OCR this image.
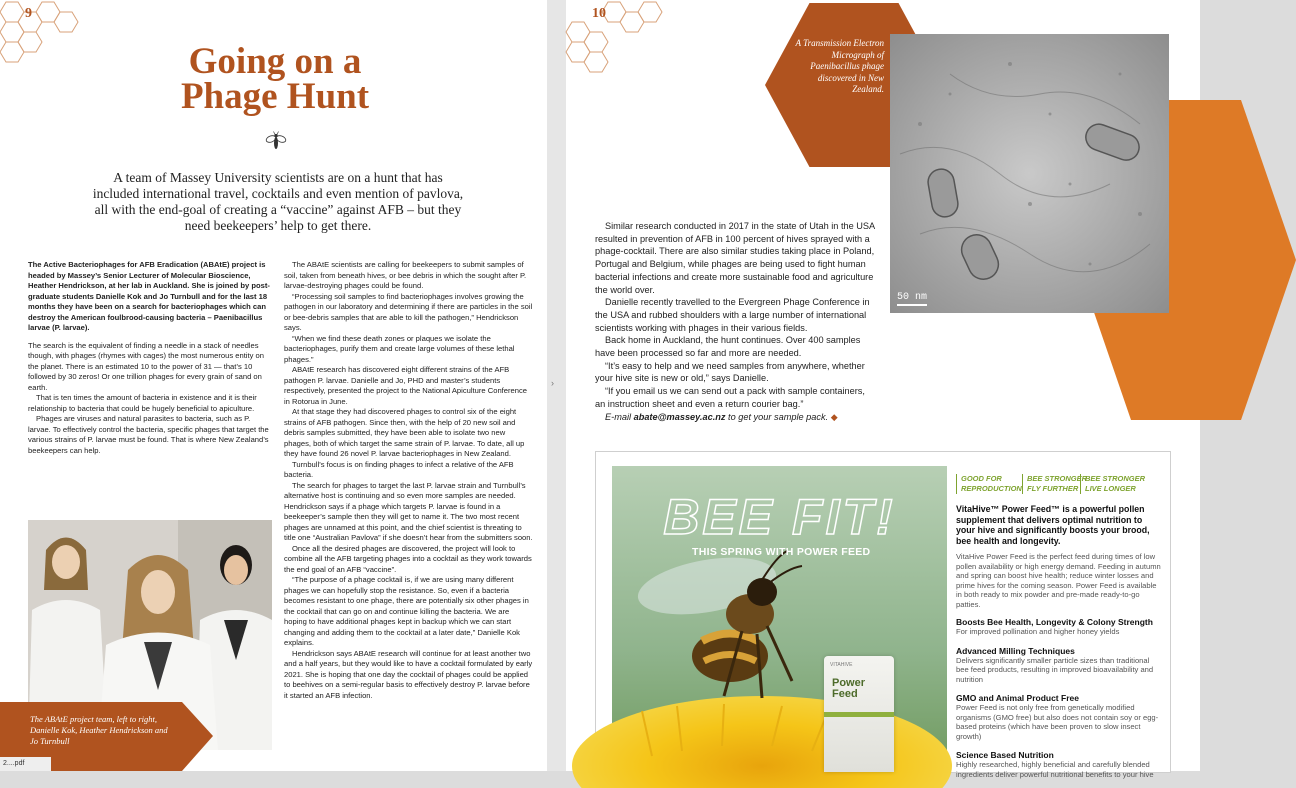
9
Going on a
Phage Hunt

A team of Massey University scientists are on a hunt that has included international travel, cocktails and even mention of pavlova, all with the end-goal of creating a “vaccine” against AFB – but they need beekeepers’ help to get there.

The Active Bacteriophages for AFB Eradication (ABAtE) project is headed by Massey’s Senior Lecturer of Molecular Bioscience, Heather Hendrickson, at her lab in Auckland. She is joined by post-graduate students Danielle Kok and Jo Turnbull and for the last 18 months they have been on a search for bacteriophages which can destroy the American foulbrood-causing bacteria – Paenibacillus larvae (P. larvae).

The search is the equivalent of finding a needle in a stack of needles though, with phages (rhymes with cages) the most numerous entity on the planet. There is an estimated 10 to the power of 31 — that’s 10 followed by 30 zeros! Or one trillion phages for every grain of sand on earth.

That is ten times the amount of bacteria in existence and it is their relationship to bacteria that could be hugely beneficial to apiculture.

Phages are viruses and natural parasites to bacteria, such as P. larvae. To effectively control the bacteria, specific phages that target the various strains of P. larvae must be found. That is where New Zealand’s beekeepers can help.

The ABAtE scientists are calling for beekeepers to submit samples of soil, taken from beneath hives, or bee debris in which the sought after P. larvae-destroying phages could be found.

“Processing soil samples to find bacteriophages involves growing the pathogen in our laboratory and determining if there are particles in the soil or bee-debris samples that are able to kill the pathogen,” Hendrickson says.

“When we find these death zones or plaques we isolate the bacteriophages, purify them and create large volumes of these lethal phages.”

ABAtE research has discovered eight different strains of the AFB pathogen P. larvae. Danielle and Jo, PHD and master’s students respectively, presented the project to the National Apiculture Conference in Rotorua in June.

At that stage they had discovered phages to control six of the eight strains of AFB pathogen. Since then, with the help of 20 new soil and debris samples submitted, they have been able to isolate two new phages, both of which target the same strain of P. larvae. To date, all up they have found 26 novel P. larvae bacteriophages in New Zealand.

Turnbull’s focus is on finding phages to infect a relative of the AFB bacteria.

The search for phages to target the last P. larvae strain and Turnbull’s alternative host is continuing and so even more samples are needed. Hendrickson says if a phage which targets P. larvae is found in a beekeeper’s sample then they will get to name it. The two most recent phages are unnamed at this point, and the chief scientist is threating to title one “Australian Pavlova” if she doesn’t hear from the submitters soon.

Once all the desired phages are discovered, the project will look to combine all the AFB targeting phages into a cocktail as they work towards the end goal of an AFB “vaccine”.

“The purpose of a phage cocktail is, if we are using many different phages we can hopefully stop the resistance. So, even if a bacteria becomes resistant to one phage, there are potentially six other phages in the cocktail that can go on and continue killing the bacteria. We are hoping to have additional phages kept in backup which we can start changing and adding them to the cocktail at a later date,” Danielle Kok explains.

Hendrickson says ABAtE research will continue for at least another two and a half years, but they would like to have a cocktail formulated by early 2021. She is hoping that one day the cocktail of phages could be applied to beehives on a semi-regular basis to effectively destroy P. larvae before it started an AFB infection.

The ABAtE project team, left to right, Danielle Kok, Heather Hendrickson and Jo Turnbull

2....pdf
›
10

A Transmission Electron Micrograph of Paenibacillus phage discovered in New Zealand.

50 nm

Similar research conducted in 2017 in the state of Utah in the USA resulted in prevention of AFB in 100 percent of hives sprayed with a phage-cocktail. There are also similar studies taking place in Poland, Portugal and Belgium, while phages are being used to fight human bacterial infections and create more sustainable food and agriculture the world over.

Danielle recently travelled to the Evergreen Phage Conference in the USA and rubbed shoulders with a large number of international scientists working with phages in their various fields.

Back home in Auckland, the hunt continues. Over 400 samples have been processed so far and more are needed.

“It’s easy to help and we need samples from anywhere, whether your hive site is new or old,” says Danielle.

“If you email us we can send out a pack with sample containers, an instruction sheet and even a return courier bag.”

E-mail abate@massey.ac.nz to get your sample pack. ◆

BEE FIT!
THIS SPRING WITH POWER FEED
VITAHIVE
Power Feed
GOOD FOR REPRODUCTION
BEE STRONGER FLY FURTHER
BEE STRONGER LIVE LONGER

VitaHive™ Power Feed™ is a powerful pollen supplement that delivers optimal nutrition to your hive and significantly boosts your brood, bee health and longevity.

VitaHive Power Feed is the perfect feed during times of low pollen availability or high energy demand. Feeding in autumn and spring can boost hive health; reduce winter losses and prime hives for the coming season. Power Feed is available in both ready to mix powder and pre-made ready-to-go patties.

Boosts Bee Health, Longevity & Colony Strength

For improved pollination and higher honey yields

Advanced Milling Techniques

Delivers significantly smaller particle sizes than traditional bee feed products, resulting in improved bioavailability and nutrition

GMO and Animal Product Free

Power Feed is not only free from genetically modified organisms (GMO free) but also does not contain soy or egg-based proteins (which have been proven to slow insect growth)

Science Based Nutrition

Highly researched, highly beneficial and carefully blended ingredients deliver powerful nutritional benefits to your hive
